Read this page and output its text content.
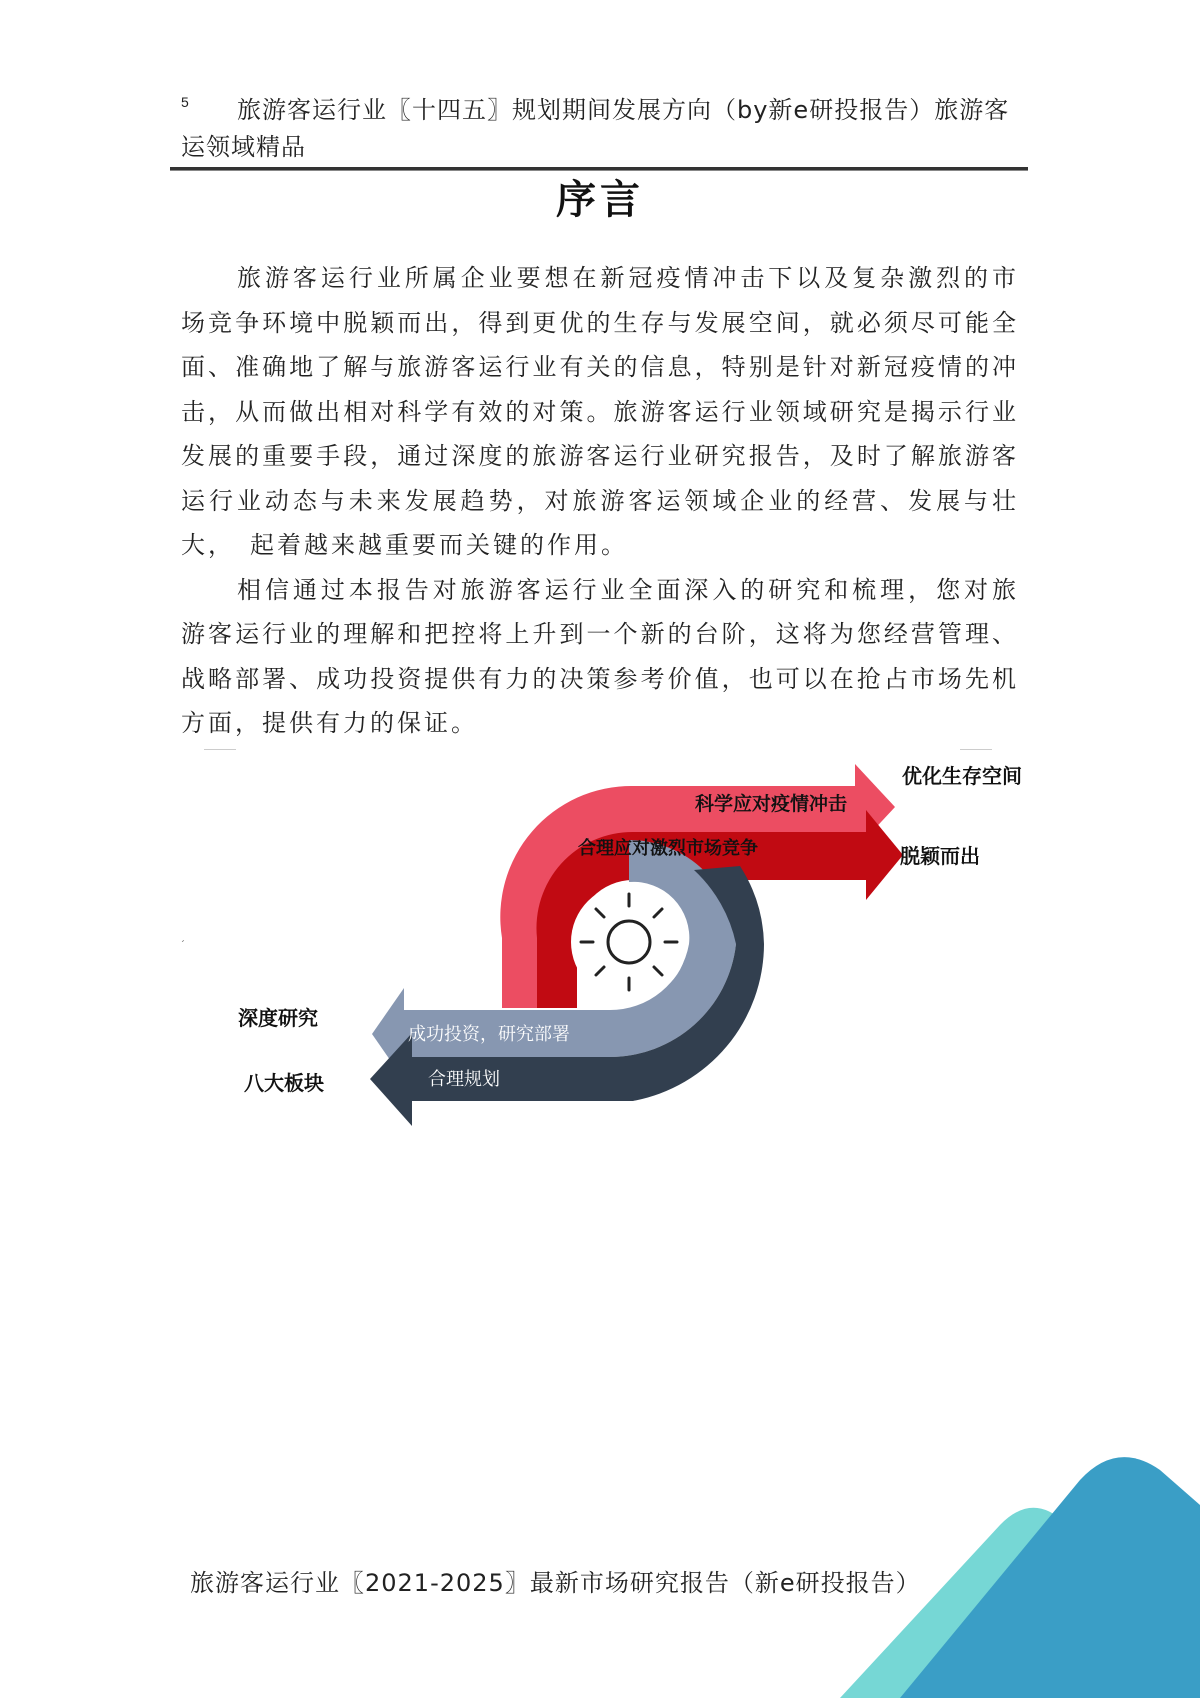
5	旅游客运行业〖十四五〗规划期间发展方向（by新e研投报告）旅游客运领域精品
序言

旅游客运行业所属企业要想在新冠疫情冲击下以及复杂激烈的市场竞争环境中脱颖而出，得到更优的生存与发展空间，就必须尽可能全面、准确地了解与旅游客运行业有关的信息，特别是针对新冠疫情的冲击，从而做出相对科学有效的对策。旅游客运行业领域研究是揭示行业发展的重要手段，通过深度的旅游客运行业研究报告，及时了解旅游客运行业动态与未来发展趋势，对旅游客运领域企业的经营、发展与壮大，　起着越来越重要而关键的作用。

相信通过本报告对旅游客运行业全面深入的研究和梳理，您对旅游客运行业的理解和把控将上升到一个新的台阶，这将为您经营管理、战略部署、成功投资提供有力的决策参考价值，也可以在抢占市场先机方面，提供有力的保证。

ˊ
科学应对疫情冲击
合理应对激烈市场竞争
成功投资，研究部署
合理规划
优化生存空间
脱颖而出
深度研究
八大板块
旅游客运行业〖2021-2025〗最新市场研究报告（新e研投报告）
